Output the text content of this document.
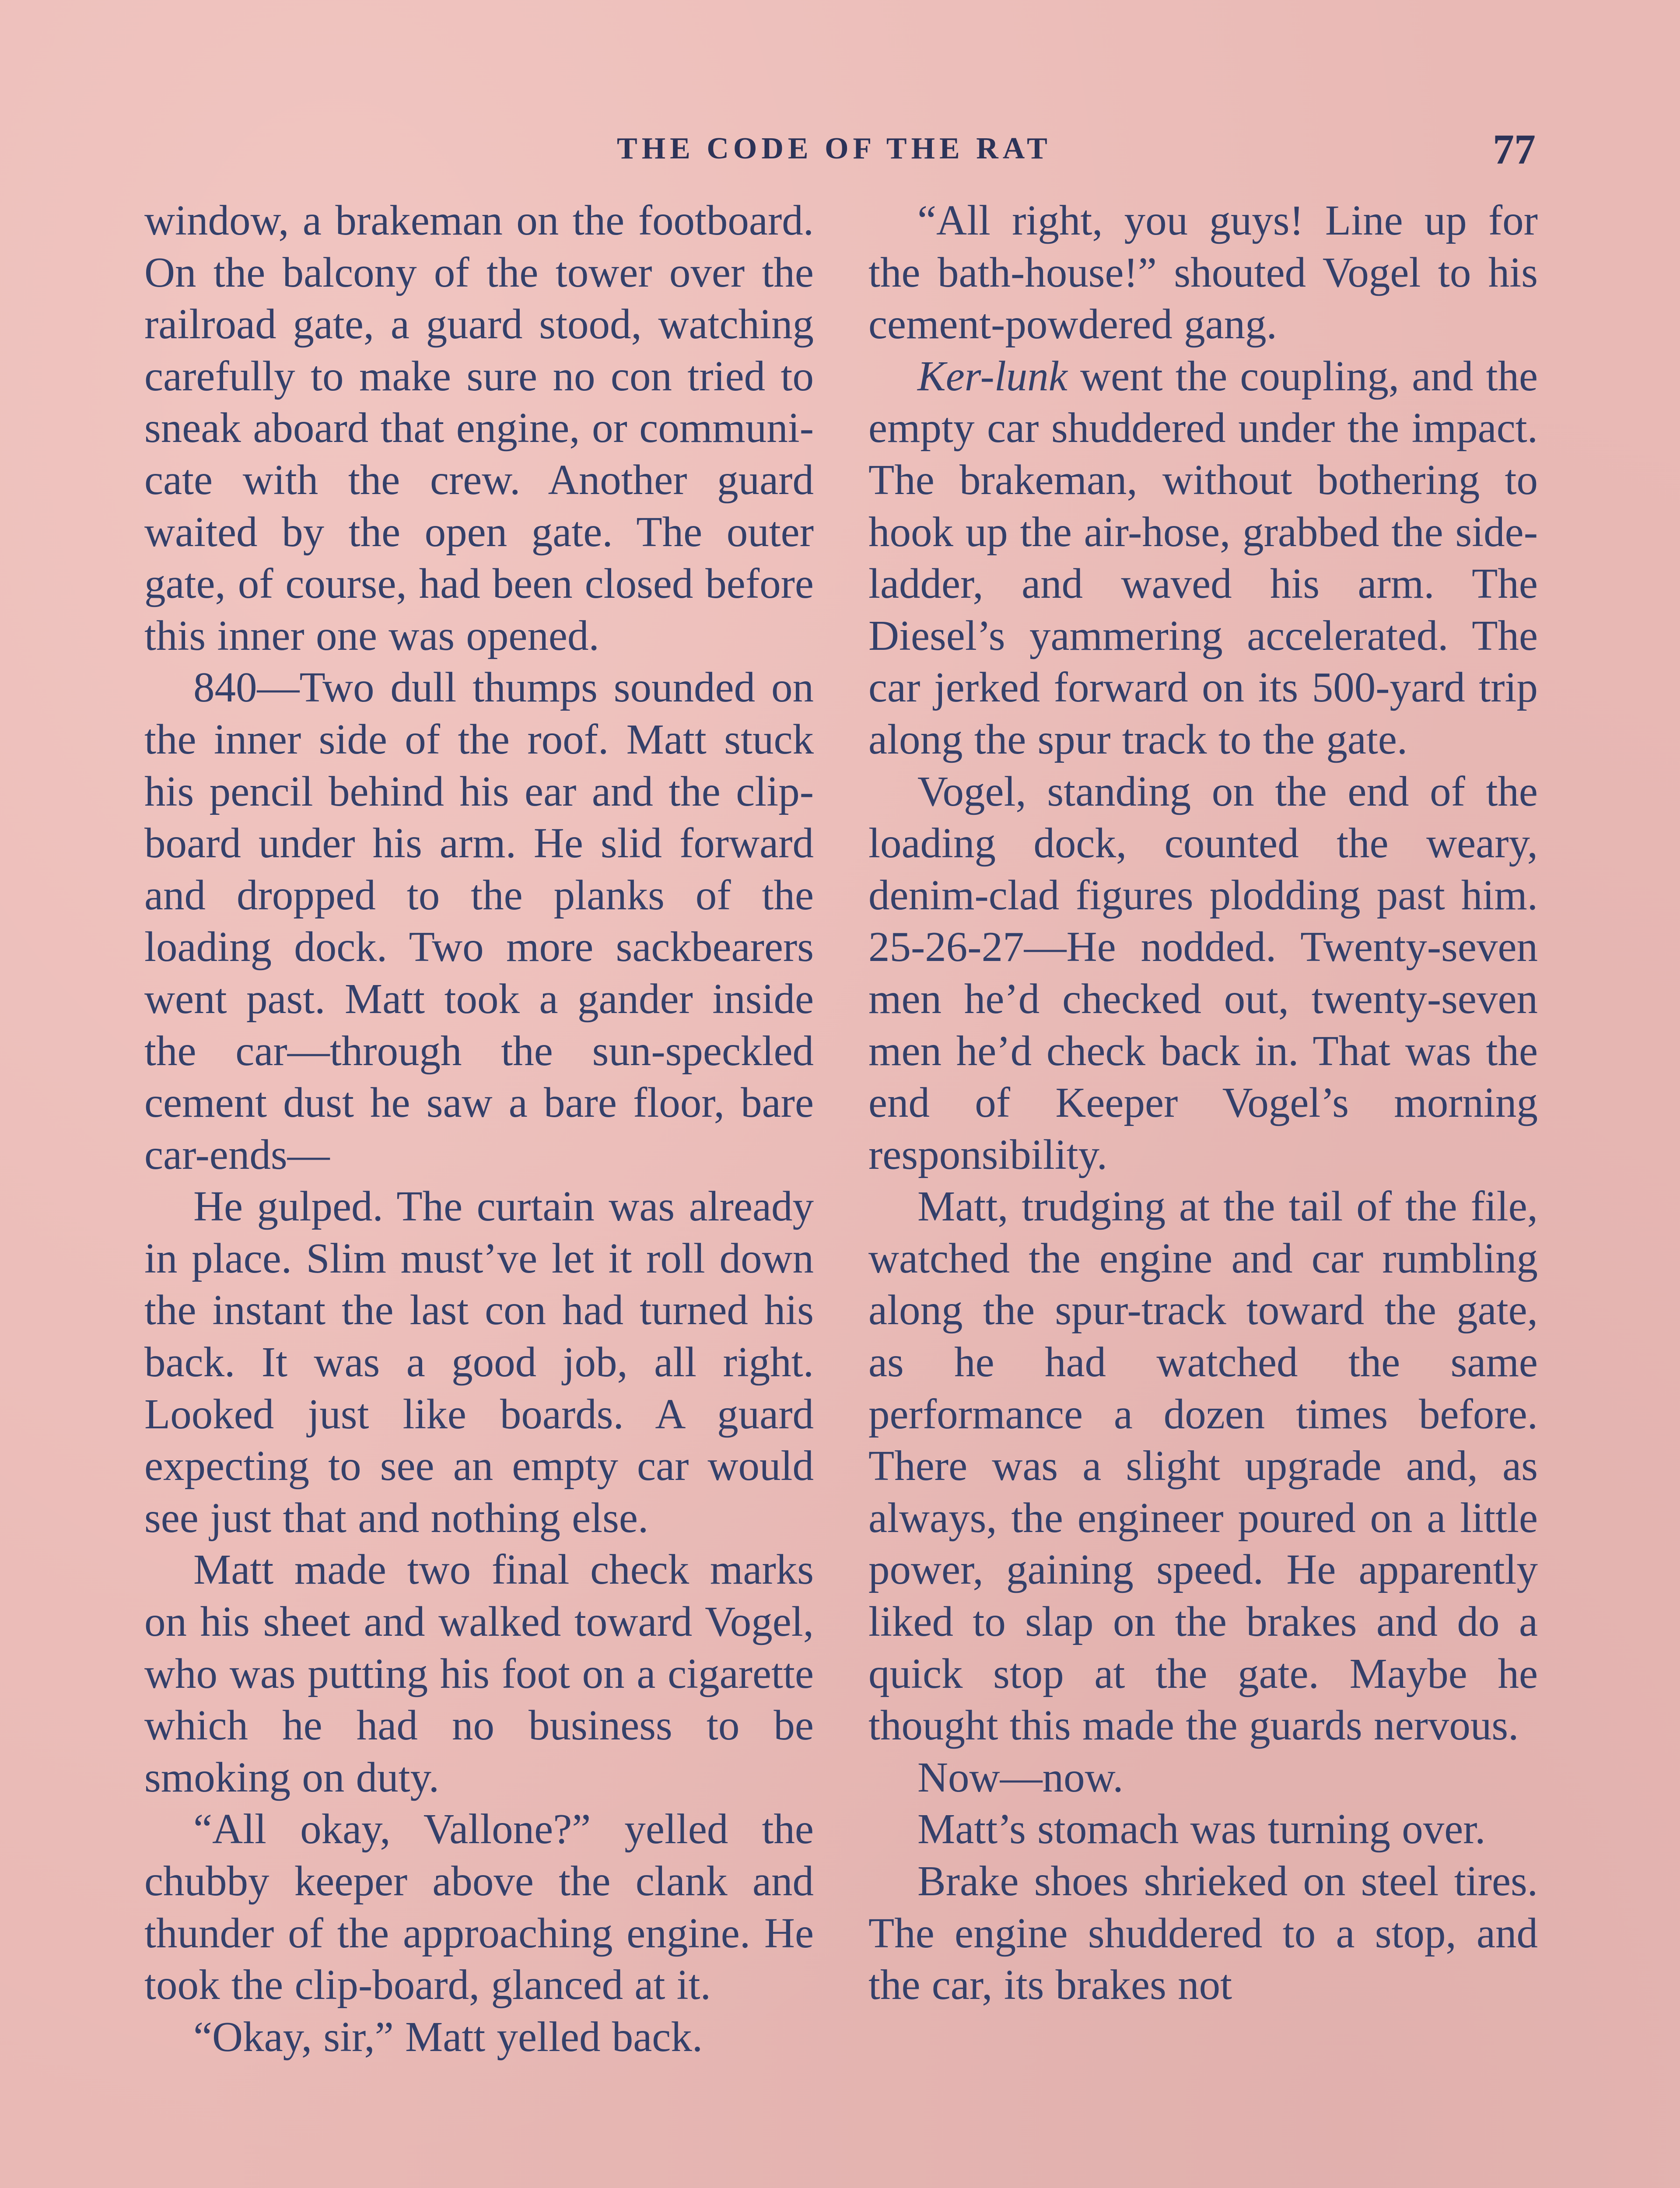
THE CODE OF THE RAT	77

window, a brakeman on the footboard. On the balcony of the tower over the railroad gate, a guard stood, watching carefully to make sure no con tried to sneak aboard that engine, or communicate with the crew. Another guard waited by the open gate. The outer gate, of course, had been closed before this inner one was opened.

840—Two dull thumps sounded on the inner side of the roof. Matt stuck his pencil behind his ear and the clip-board under his arm. He slid forward and dropped to the planks of the loading dock. Two more sackbearers went past. Matt took a gander inside the car—through the sun-speckled cement dust he saw a bare floor, bare car-ends—

He gulped. The curtain was already in place. Slim must’ve let it roll down the instant the last con had turned his back. It was a good job, all right. Looked just like boards. A guard expecting to see an empty car would see just that and nothing else.

Matt made two final check marks on his sheet and walked toward Vogel, who was putting his foot on a cigarette which he had no business to be smoking on duty.

“All okay, Vallone?” yelled the chubby keeper above the clank and thunder of the approaching engine. He took the clip-board, glanced at it.

“Okay, sir,” Matt yelled back.

“All right, you guys! Line up for the bath-house!” shouted Vogel to his cement-powdered gang.

Ker-lunk went the coupling, and the empty car shuddered under the impact. The brakeman, without bothering to hook up the air-hose, grabbed the side-ladder, and waved his arm. The Diesel’s yammering accelerated. The car jerked forward on its 500-yard trip along the spur track to the gate.

Vogel, standing on the end of the loading dock, counted the weary, denim-clad figures plodding past him. 25-26-27—He nodded. Twenty-seven men he’d checked out, twenty-seven men he’d check back in. That was the end of Keeper Vogel’s morning responsibility.

Matt, trudging at the tail of the file, watched the engine and car rumbling along the spur-track toward the gate, as he had watched the same performance a dozen times before. There was a slight upgrade and, as always, the engineer poured on a little power, gaining speed. He apparently liked to slap on the brakes and do a quick stop at the gate. Maybe he thought this made the guards nervous.

Now—now.

Matt’s stomach was turning over.

Brake shoes shrieked on steel tires. The engine shuddered to a stop, and the car, its brakes not
